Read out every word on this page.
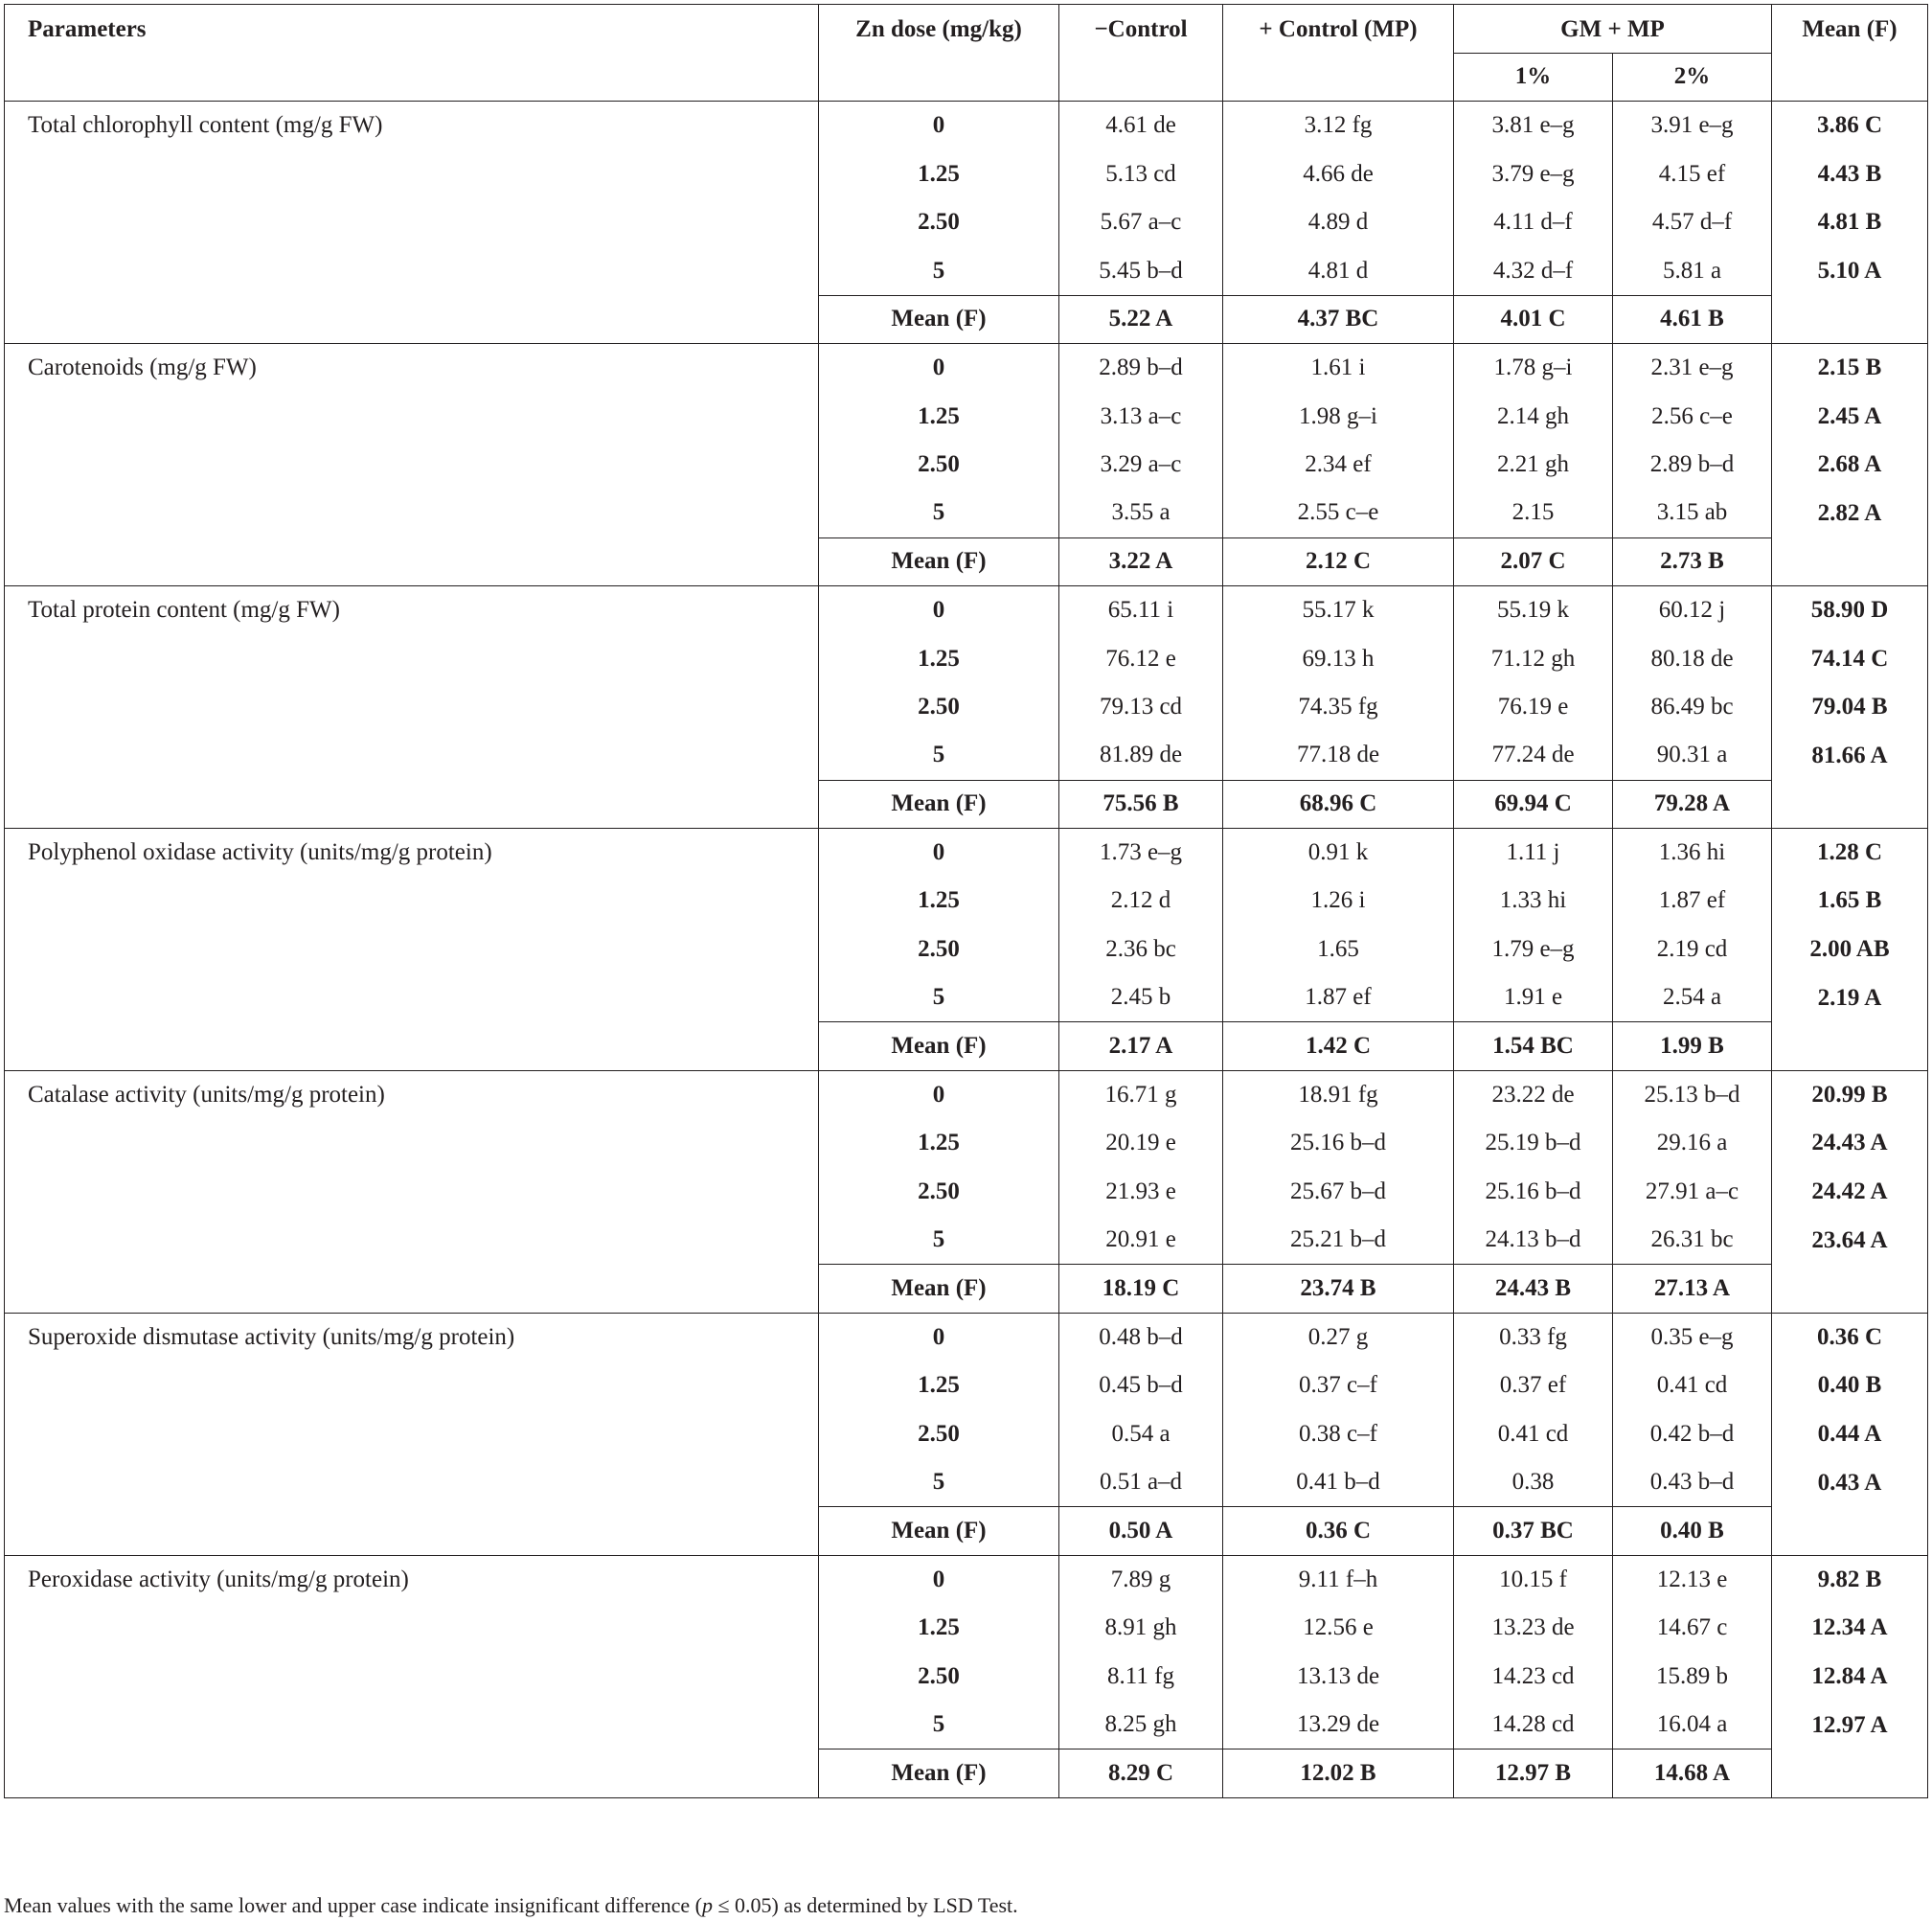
Parameters	Zn dose (mg/kg)	−Control	+ Control (MP)	GM + MP		Mean (F)
				1%	2%	
Total chlorophyll content (mg/g FW)	0	4.61 de	3.12 fg	3.81 e–g	3.91 e–g	3.86 C
	1.25	5.13 cd	4.66 de	3.79 e–g	4.15 ef	4.43 B
	2.50	5.67 a–c	4.89 d	4.11 d–f	4.57 d–f	4.81 B
	5	5.45 b–d	4.81 d	4.32 d–f	5.81 a	5.10 A
	Mean (F)	5.22 A	4.37 BC	4.01 C	4.61 B	
Carotenoids (mg/g FW)	0	2.89 b–d	1.61 i	1.78 g–i	2.31 e–g	2.15 B
	1.25	3.13 a–c	1.98 g–i	2.14 gh	2.56 c–e	2.45 A
	2.50	3.29 a–c	2.34 ef	2.21 gh	2.89 b–d	2.68 A
	5	3.55 a	2.55 c–e	2.15	3.15 ab	2.82 A
	Mean (F)	3.22 A	2.12 C	2.07 C	2.73 B	
Total protein content (mg/g FW)	0	65.11 i	55.17 k	55.19 k	60.12 j	58.90 D
	1.25	76.12 e	69.13 h	71.12 gh	80.18 de	74.14 C
	2.50	79.13 cd	74.35 fg	76.19 e	86.49 bc	79.04 B
	5	81.89 de	77.18 de	77.24 de	90.31 a	81.66 A
	Mean (F)	75.56 B	68.96 C	69.94 C	79.28 A	
Polyphenol oxidase activity (units/mg/g protein)	0	1.73 e–g	0.91 k	1.11 j	1.36 hi	1.28 C
	1.25	2.12 d	1.26 i	1.33 hi	1.87 ef	1.65 B
	2.50	2.36 bc	1.65	1.79 e–g	2.19 cd	2.00 AB
	5	2.45 b	1.87 ef	1.91 e	2.54 a	2.19 A
	Mean (F)	2.17 A	1.42 C	1.54 BC	1.99 B	
Catalase activity (units/mg/g protein)	0	16.71 g	18.91 fg	23.22 de	25.13 b–d	20.99 B
	1.25	20.19 e	25.16 b–d	25.19 b–d	29.16 a	24.43 A
	2.50	21.93 e	25.67 b–d	25.16 b–d	27.91 a–c	24.42 A
	5	20.91 e	25.21 b–d	24.13 b–d	26.31 bc	23.64 A
	Mean (F)	18.19 C	23.74 B	24.43 B	27.13 A	
Superoxide dismutase activity (units/mg/g protein)	0	0.48 b–d	0.27 g	0.33 fg	0.35 e–g	0.36 C
	1.25	0.45 b–d	0.37 c–f	0.37 ef	0.41 cd	0.40 B
	2.50	0.54 a	0.38 c–f	0.41 cd	0.42 b–d	0.44 A
	5	0.51 a–d	0.41 b–d	0.38	0.43 b–d	0.43 A
	Mean (F)	0.50 A	0.36 C	0.37 BC	0.40 B	
Peroxidase activity (units/mg/g protein)	0	7.89 g	9.11 f–h	10.15 f	12.13 e	9.82 B
	1.25	8.91 gh	12.56 e	13.23 de	14.67 c	12.34 A
	2.50	8.11 fg	13.13 de	14.23 cd	15.89 b	12.84 A
	5	8.25 gh	13.29 de	14.28 cd	16.04 a	12.97 A
	Mean (F)	8.29 C	12.02 B	12.97 B	14.68 A	
Mean values with the same lower and upper case indicate insignificant difference (p ≤ 0.05) as determined by LSD Test.
